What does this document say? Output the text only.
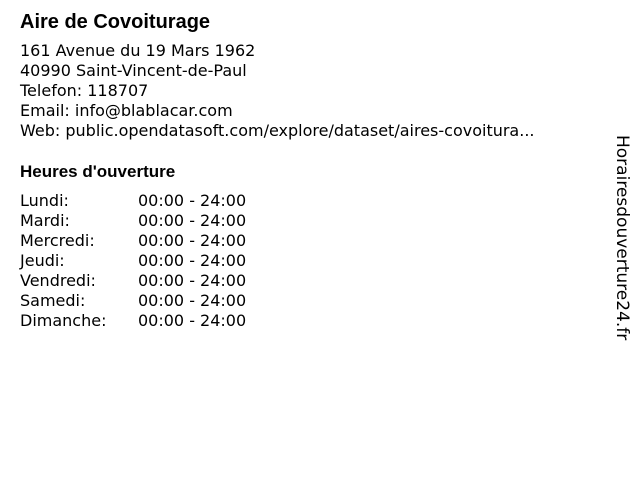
Aire de Covoiturage
161 Avenue du 19 Mars 1962
40990 Saint-Vincent-de-Paul
Telefon: 118707
Email: info@blablacar.com
Web: public.opendatasoft.com/explore/dataset/aires-covoitura...
Heures d'ouverture
Lundi:	00:00 - 24:00
Mardi:	00:00 - 24:00
Mercredi:	00:00 - 24:00
Jeudi:	00:00 - 24:00
Vendredi:	00:00 - 24:00
Samedi:	00:00 - 24:00
Dimanche:	00:00 - 24:00	Horairesdouverture24.fr
